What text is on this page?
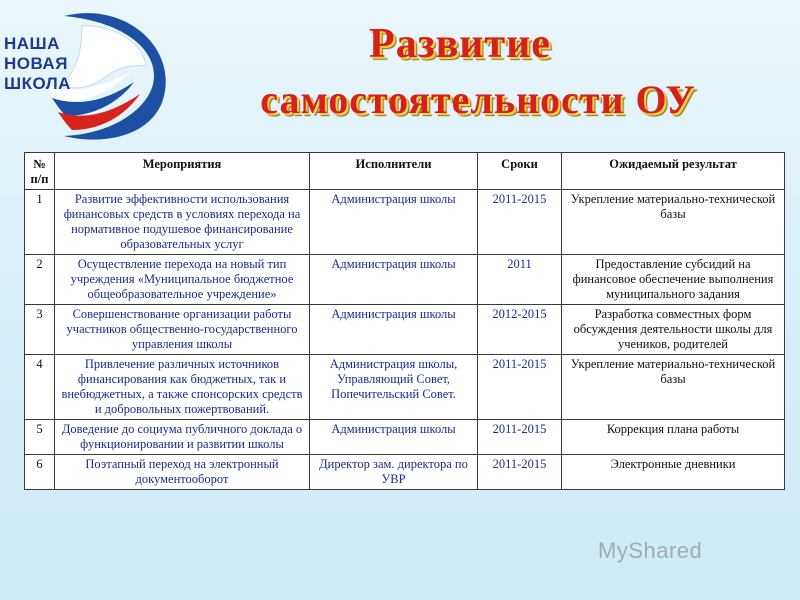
НАША
НОВАЯ
ШКОЛА
Развитие
самостоятельности ОУ
№ п/п	Мероприятия	Исполнители	Сроки	Ожидаемый результат
1	Развитие эффективности использования финансовых средств в условиях перехода на нормативное подушевое финансирование образовательных услуг	Администрация школы	2011-2015	Укрепление материально-технической базы
2	Осуществление перехода на новый тип учреждения «Муниципальное бюджетное общеобразовательное учреждение»	Администрация школы	2011	Предоставление субсидий на финансовое обеспечение выполнения муниципального задания
3	Совершенствование организации работы участников общественно-государственного управления школы	Администрация школы	2012-2015	Разработка совместных форм обсуждения деятельности школы для учеников, родителей
4	Привлечение различных источников финансирования как бюджетных, так и внебюджетных, а также спонсорских средств и добровольных пожертвований.	Администрация школы, Управляющий Совет, Попечительский Совет.	2011-2015	Укрепление материально-технической базы
5	Доведение до социума публичного доклада о функционировании и развитии школы	Администрация школы	2011-2015	Коррекция плана работы
6	Поэтапный переход на электронный документооборот	Директор зам. директора по УВР	2011-2015	Электронные дневники
MyShared
